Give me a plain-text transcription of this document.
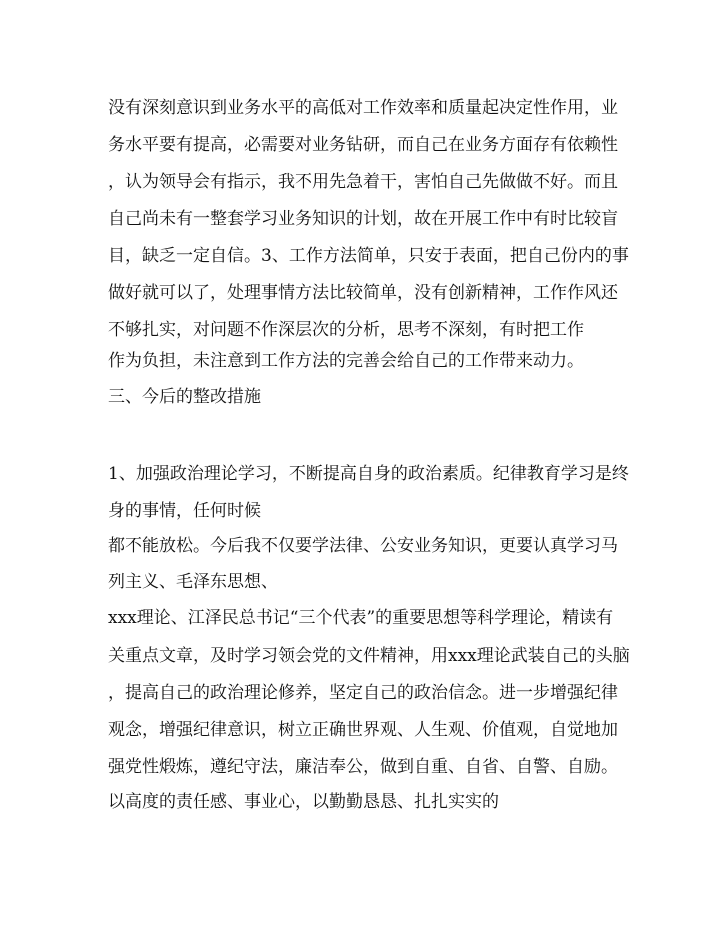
没有深刻意识到业务水平的高低对工作效率和质量起决定性作用，业
务水平要有提高，必需要对业务钻研，而自己在业务方面存有依赖性
，认为领导会有指示，我不用先急着干，害怕自己先做做不好。而且
自己尚未有一整套学习业务知识的计划，故在开展工作中有时比较盲
目，缺乏一定自信。3、工作方法简单，只安于表面，把自己份内的事
做好就可以了，处理事情方法比较简单，没有创新精神，工作作风还
不够扎实，对问题不作深层次的分析，思考不深刻，有时把工作
作为负担，未注意到工作方法的完善会给自己的工作带来动力。
三、今后的整改措施
1、加强政治理论学习，不断提高自身的政治素质。纪律教育学习是终
身的事情，任何时候
都不能放松。今后我不仅要学法律、公安业务知识，更要认真学习马
列主义、毛泽东思想、
xxx理论、江泽民总书记“三个代表”的重要思想等科学理论，精读有
关重点文章，及时学习领会党的文件精神，用xxx理论武装自己的头脑
，提高自己的政治理论修养，坚定自己的政治信念。进一步增强纪律
观念，增强纪律意识，树立正确世界观、人生观、价值观，自觉地加
强党性煅炼，遵纪守法，廉洁奉公，做到自重、自省、自警、自励。
以高度的责任感、事业心，以勤勤恳恳、扎扎实实的
